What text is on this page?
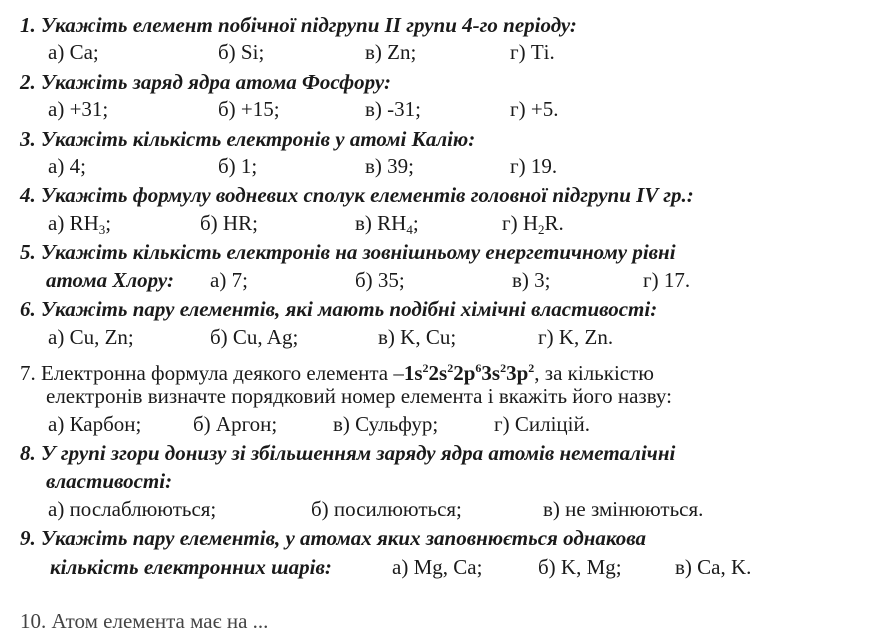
1. Укажіть елемент побічної підгрупи ІІ групи 4-го періоду:
а) Са;	б) Si;	в) Zn;	г) Ті.
2. Укажіть заряд ядра атома Фосфору:
а) +31;	б) +15;	в) -31;	г) +5.
3. Укажіть кількість електронів у атомі Калію:
а) 4;	б) 1;	в) 39;	г) 19.
4. Укажіть формулу водневих сполук елементів головної підгрупи IV гр.:
а) $RH_3$;	б) HR;	в) $RH_4$;	г) $H_2R$.
5. Укажіть кількість електронів на зовнішньому енергетичному рівні
атома Хлору: а) 7;	б) 35;	в) 3;	г) 17.
6. Укажіть пару елементів, які мають подібні хімічні властивості:
а) Cu, Zn;	б) Cu, Ag;	в) K, Cu;	г) K, Zn.
7. Електронна формула деякого елемента $-1s^22s^22p^63s^23p^2$, за кількістю
електронів визначте порядковий номер елемента і вкажіть його назву:
а) Карбон; б) Аргон;	в) Сульфур;	г) Силіцій.
8. У групі згори донизу зі збільшенням заряду ядра атомів неметалічні
властивості:
а) послаблюються;	б) посилюються;	в) не змінюються.
9. Укажіть пару елементів, у атомах яких заповнюється однакова
кількість електронних шарів:	а) Mg, Ca;	б) K, Mg;	в) Ca, K.
10. Атом елемента має на ...
